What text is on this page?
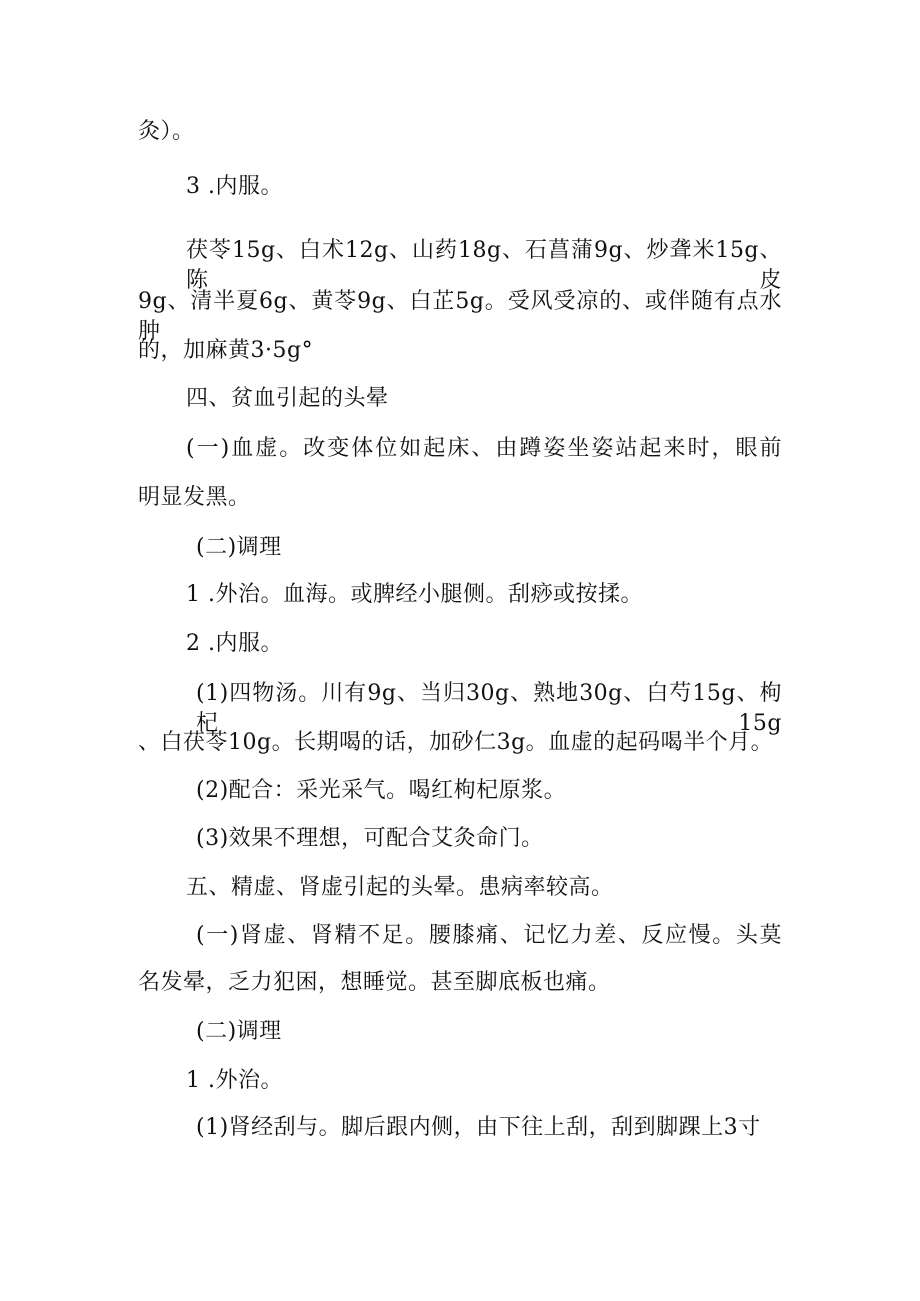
灸）。
3 .内服。
茯苓15g、白术12g、山药18g、石菖蒲9g、炒聋米15g、陈皮
9g、清半夏6g、黄苓9g、白芷5g。受风受凉的、或伴随有点水肿
的，加麻黄3·5g°
四、贫血引起的头晕
(一)血虚。改变体位如起床、由蹲姿坐姿站起来时，眼前
明显发黑。
(二)调理
1 .外治。血海。或脾经小腿侧。刮痧或按揉。
2 .内服。
(1)四物汤。川有9g、当归30g、熟地30g、白芍15g、枸杞15g
、白茯苓10g。长期喝的话，加砂仁3g。血虚的起码喝半个月。
(2)配合：采光采气。喝红枸杞原浆。
(3)效果不理想，可配合艾灸命门。
五、精虚、肾虚引起的头晕。患病率较高。
(一)肾虚、肾精不足。腰膝痛、记忆力差、反应慢。头莫
名发晕，乏力犯困，想睡觉。甚至脚底板也痛。
(二)调理
1 .外治。
(1)肾经刮与。脚后跟内侧，由下往上刮，刮到脚踝上3寸
